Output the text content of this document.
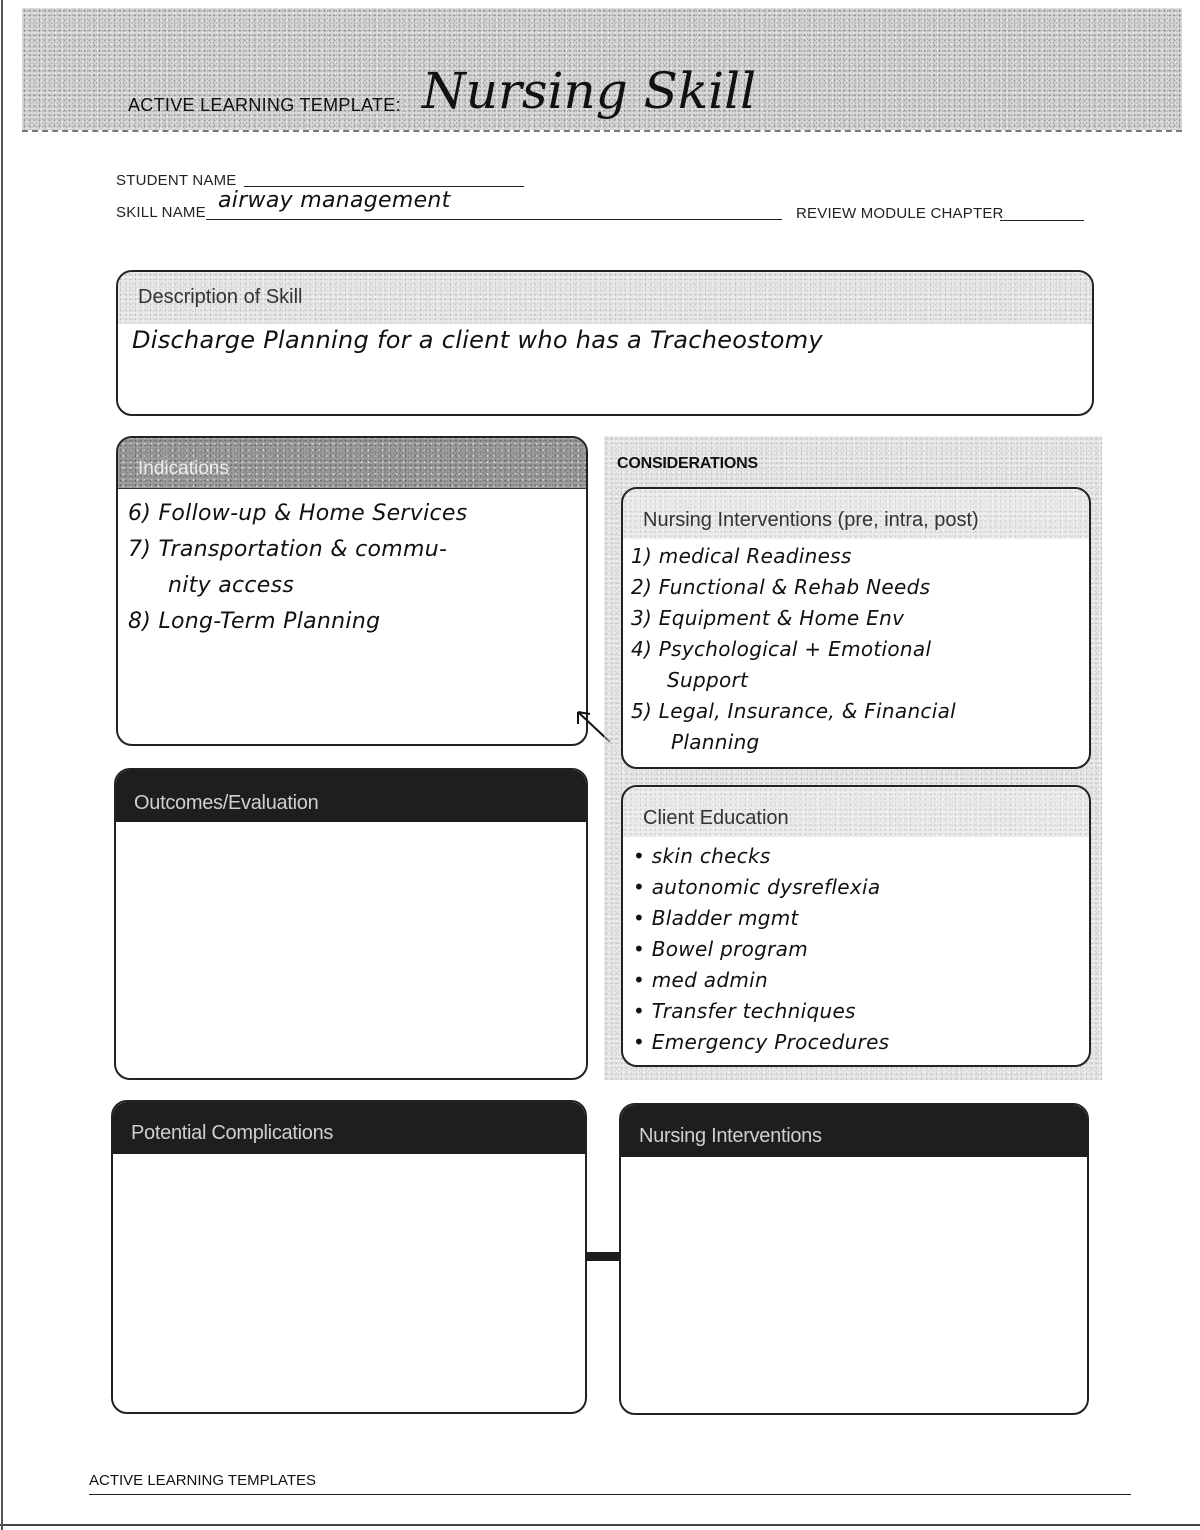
ACTIVE LEARNING TEMPLATE: Nursing Skill
STUDENT NAME
SKILL NAME airway management
REVIEW MODULE CHAPTER
Description of Skill
Discharge Planning for a client who has a Tracheostomy
Indications
6) Follow-up & Home Services
7) Transportation & commu-
nity access
8) Long-Term Planning
CONSIDERATIONS
Nursing Interventions (pre, intra, post)
1) medical Readiness
2) Functional & Rehab Needs
3) Equipment & Home Env
4) Psychological + Emotional
Support
5) Legal, Insurance, & Financial
Planning
Client Education
• skin checks
• autonomic dysreflexia
• Bladder mgmt
• Bowel program
• med admin
• Transfer techniques
• Emergency Procedures
Outcomes/Evaluation
Potential Complications	Nursing Interventions
ACTIVE LEARNING TEMPLATES
